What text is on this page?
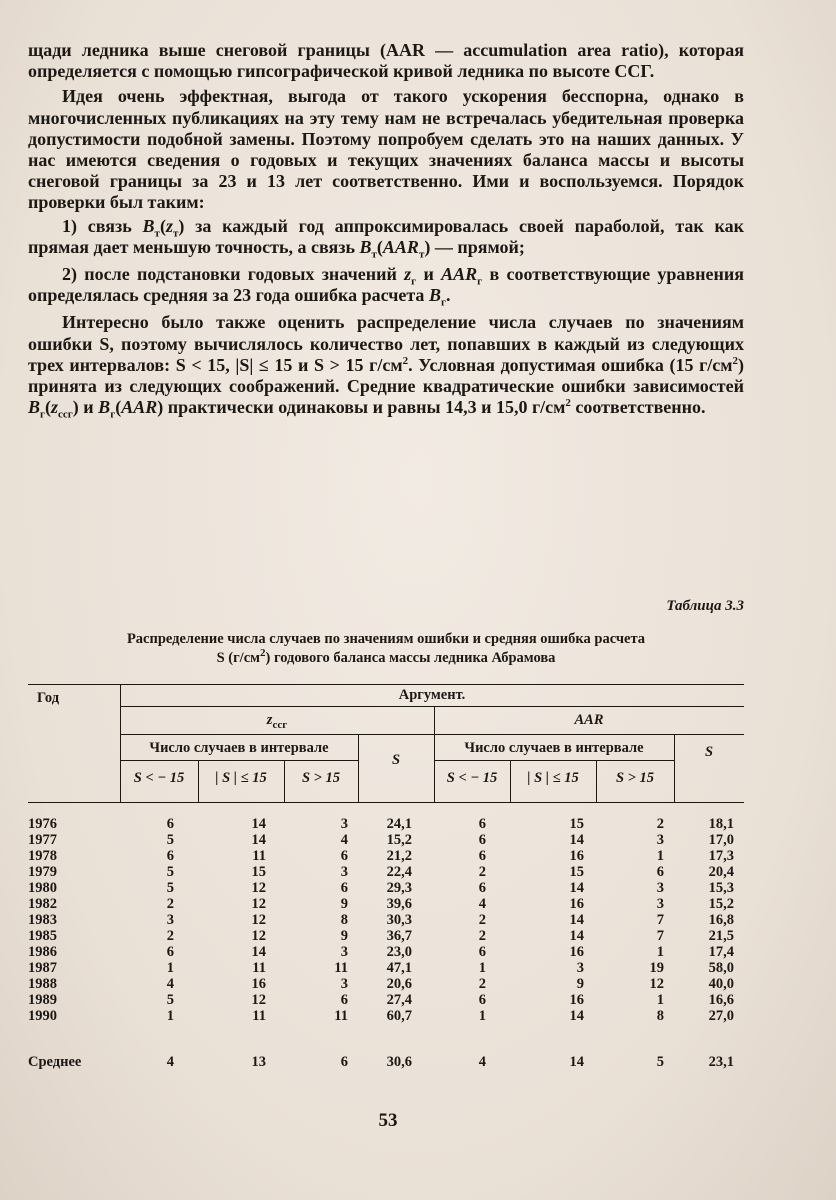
щади ледника выше снеговой границы (AAR — accumulation area ratio), которая определяется с помощью гипсографической кривой ледника по высоте ССГ.

Идея очень эффектная, выгода от такого ускорения бесспорна, однако в многочисленных публикациях на эту тему нам не встречалась убедительная проверка допустимости подобной замены. Поэтому попробуем сделать это на наших данных. У нас имеются сведения о годовых и текущих значениях баланса массы и высоты снеговой границы за 23 и 13 лет соответственно. Ими и воспользуемся. Порядок проверки был таким:

1) связь $B_т(z_т)$ за каждый год аппроксимировалась своей параболой, так как прямая дает меньшую точность, а связь $B_т(AAR_т)$ — прямой;

2) после подстановки годовых значений $z_г$ и $AAR_г$ в соответствующие уравнения определялась средняя за 23 года ошибка расчета $B_г$.

Интересно было также оценить распределение числа случаев по значениям ошибки S, поэтому вычислялось количество лет, попавших в каждый из следующих трех интервалов: S < 15, |S| ≤ 15 и S > 15 $г/см^2$. Условная допустимая ошибка (15 $г/см^2$) принята из следующих соображений. Средние квадратические ошибки зависимостей $B_г(z_{ccг})$ и $B_г(AAR)$ практически одинаковы и равны 14,3 и 15,0 $г/см^2$ соответственно.

Таблица 3.3
Распределение числа случаев по значениям ошибки и средняя ошибка расчета
S $(г/см^2)$ годового баланса массы ледника Абрамова
Год	Аргумент.
$z_{ccг}$	AAR
Число случаев в интервале	Число случаев в интервале
S	S
S < − 15	| S | ≤ 15	S > 15	S < − 15	| S | ≤ 15	S > 15
1976	6	14	3	24,1	6	15	2	18,1
1977	5	14	4	15,2	6	14	3	17,0
1978	6	11	6	21,2	6	16	1	17,3
1979	5	15	3	22,4	2	15	6	20,4
1980	5	12	6	29,3	6	14	3	15,3
1982	2	12	9	39,6	4	16	3	15,2
1983	3	12	8	30,3	2	14	7	16,8
1985	2	12	9	36,7	2	14	7	21,5
1986	6	14	3	23,0	6	16	1	17,4
1987	1	11	11	47,1	1	3	19	58,0
1988	4	16	3	20,6	2	9	12	40,0
1989	5	12	6	27,4	6	16	1	16,6
1990	1	11	11	60,7	1	14	8	27,0
Среднее	4	13	6	30,6	4	14	5	23,1
53
